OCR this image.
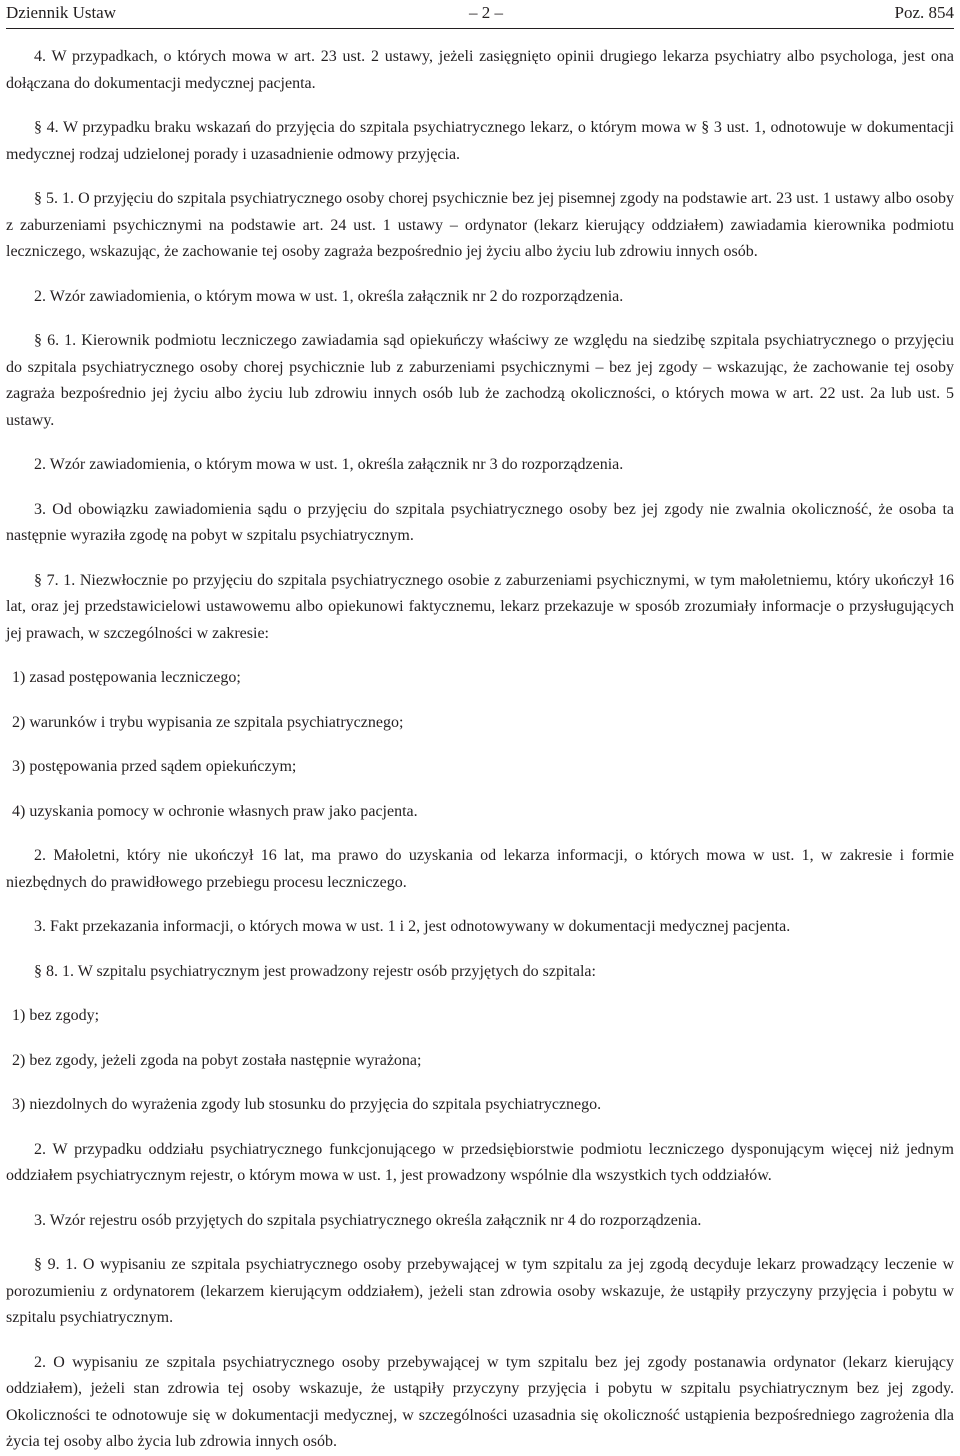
Dziennik Ustaw	– 2 –	Poz. 854

4. W przypadkach, o których mowa w art. 23 ust. 2 ustawy, jeżeli zasięgnięto opinii drugiego lekarza psychiatry albo psychologa, jest ona dołączana do dokumentacji medycznej pacjenta.

§ 4. W przypadku braku wskazań do przyjęcia do szpitala psychiatrycznego lekarz, o którym mowa w § 3 ust. 1, odnotowuje w dokumentacji medycznej rodzaj udzielonej porady i uzasadnienie odmowy przyjęcia.

§ 5. 1. O przyjęciu do szpitala psychiatrycznego osoby chorej psychicznie bez jej pisemnej zgody na podstawie art. 23 ust. 1 ustawy albo osoby z zaburzeniami psychicznymi na podstawie art. 24 ust. 1 ustawy – ordynator (lekarz kierujący oddziałem) zawiadamia kierownika podmiotu leczniczego, wskazując, że zachowanie tej osoby zagraża bezpośrednio jej życiu albo życiu lub zdrowiu innych osób.

2. Wzór zawiadomienia, o którym mowa w ust. 1, określa załącznik nr 2 do rozporządzenia.

§ 6. 1. Kierownik podmiotu leczniczego zawiadamia sąd opiekuńczy właściwy ze względu na siedzibę szpitala psychiatrycznego o przyjęciu do szpitala psychiatrycznego osoby chorej psychicznie lub z zaburzeniami psychicznymi – bez jej zgody – wskazując, że zachowanie tej osoby zagraża bezpośrednio jej życiu albo życiu lub zdrowiu innych osób lub że zachodzą okoliczności, o których mowa w art. 22 ust. 2a lub ust. 5 ustawy.

2. Wzór zawiadomienia, o którym mowa w ust. 1, określa załącznik nr 3 do rozporządzenia.

3. Od obowiązku zawiadomienia sądu o przyjęciu do szpitala psychiatrycznego osoby bez jej zgody nie zwalnia okoliczność, że osoba ta następnie wyraziła zgodę na pobyt w szpitalu psychiatrycznym.

§ 7. 1. Niezwłocznie po przyjęciu do szpitala psychiatrycznego osobie z zaburzeniami psychicznymi, w tym małoletniemu, który ukończył 16 lat, oraz jej przedstawicielowi ustawowemu albo opiekunowi faktycznemu, lekarz przekazuje w sposób zrozumiały informacje o przysługujących jej prawach, w szczególności w zakresie:

1) zasad postępowania leczniczego;

2) warunków i trybu wypisania ze szpitala psychiatrycznego;

3) postępowania przed sądem opiekuńczym;

4) uzyskania pomocy w ochronie własnych praw jako pacjenta.

2. Małoletni, który nie ukończył 16 lat, ma prawo do uzyskania od lekarza informacji, o których mowa w ust. 1, w zakresie i formie niezbędnych do prawidłowego przebiegu procesu leczniczego.

3. Fakt przekazania informacji, o których mowa w ust. 1 i 2, jest odnotowywany w dokumentacji medycznej pacjenta.

§ 8. 1. W szpitalu psychiatrycznym jest prowadzony rejestr osób przyjętych do szpitala:

1) bez zgody;

2) bez zgody, jeżeli zgoda na pobyt została następnie wyrażona;

3) niezdolnych do wyrażenia zgody lub stosunku do przyjęcia do szpitala psychiatrycznego.

2. W przypadku oddziału psychiatrycznego funkcjonującego w przedsiębiorstwie podmiotu leczniczego dysponującym więcej niż jednym oddziałem psychiatrycznym rejestr, o którym mowa w ust. 1, jest prowadzony wspólnie dla wszystkich tych oddziałów.

3. Wzór rejestru osób przyjętych do szpitala psychiatrycznego określa załącznik nr 4 do rozporządzenia.

§ 9. 1. O wypisaniu ze szpitala psychiatrycznego osoby przebywającej w tym szpitalu za jej zgodą decyduje lekarz prowadzący leczenie w porozumieniu z ordynatorem (lekarzem kierującym oddziałem), jeżeli stan zdrowia osoby wskazuje, że ustąpiły przyczyny przyjęcia i pobytu w szpitalu psychiatrycznym.

2. O wypisaniu ze szpitala psychiatrycznego osoby przebywającej w tym szpitalu bez jej zgody postanawia ordynator (lekarz kierujący oddziałem), jeżeli stan zdrowia tej osoby wskazuje, że ustąpiły przyczyny przyjęcia i pobytu w szpitalu psychiatrycznym bez jej zgody. Okoliczności te odnotowuje się w dokumentacji medycznej, w szczególności uzasadnia się okoliczność ustąpienia bezpośredniego zagrożenia dla życia tej osoby albo życia lub zdrowia innych osób.
